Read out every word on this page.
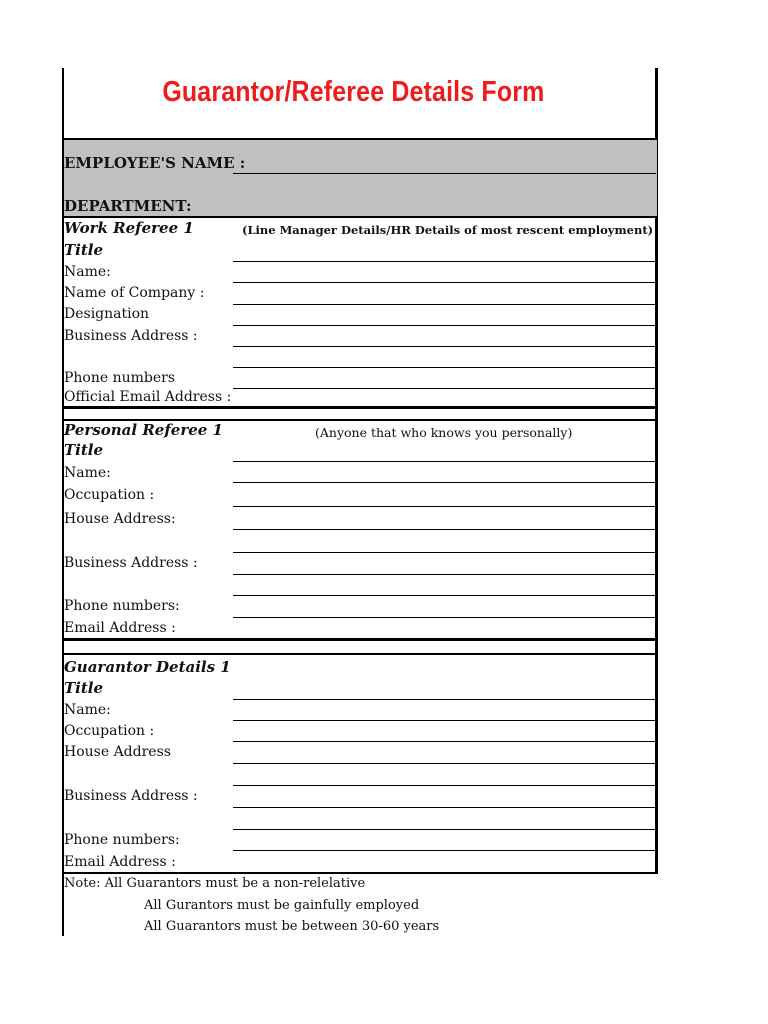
Guarantor/Referee Details Form
EMPLOYEE'S NAME :
DEPARTMENT:
Work Referee 1	(Line Manager Details/HR Details of most rescent employment)
Title
Name:
Name of Company :
Designation
Business Address :
Phone numbers
Official Email Address :
Personal Referee 1	(Anyone that who knows you personally)
Title
Name:
Occupation :
House Address:
Business Address :
Phone numbers:
Email Address :
Guarantor Details 1
Title
Name:
Occupation :
House Address
Business Address :
Phone numbers:
Email Address :
Note: All Guarantors must be a non-relelative
All Gurantors must be gainfully employed
All Guarantors must be between 30-60 years
